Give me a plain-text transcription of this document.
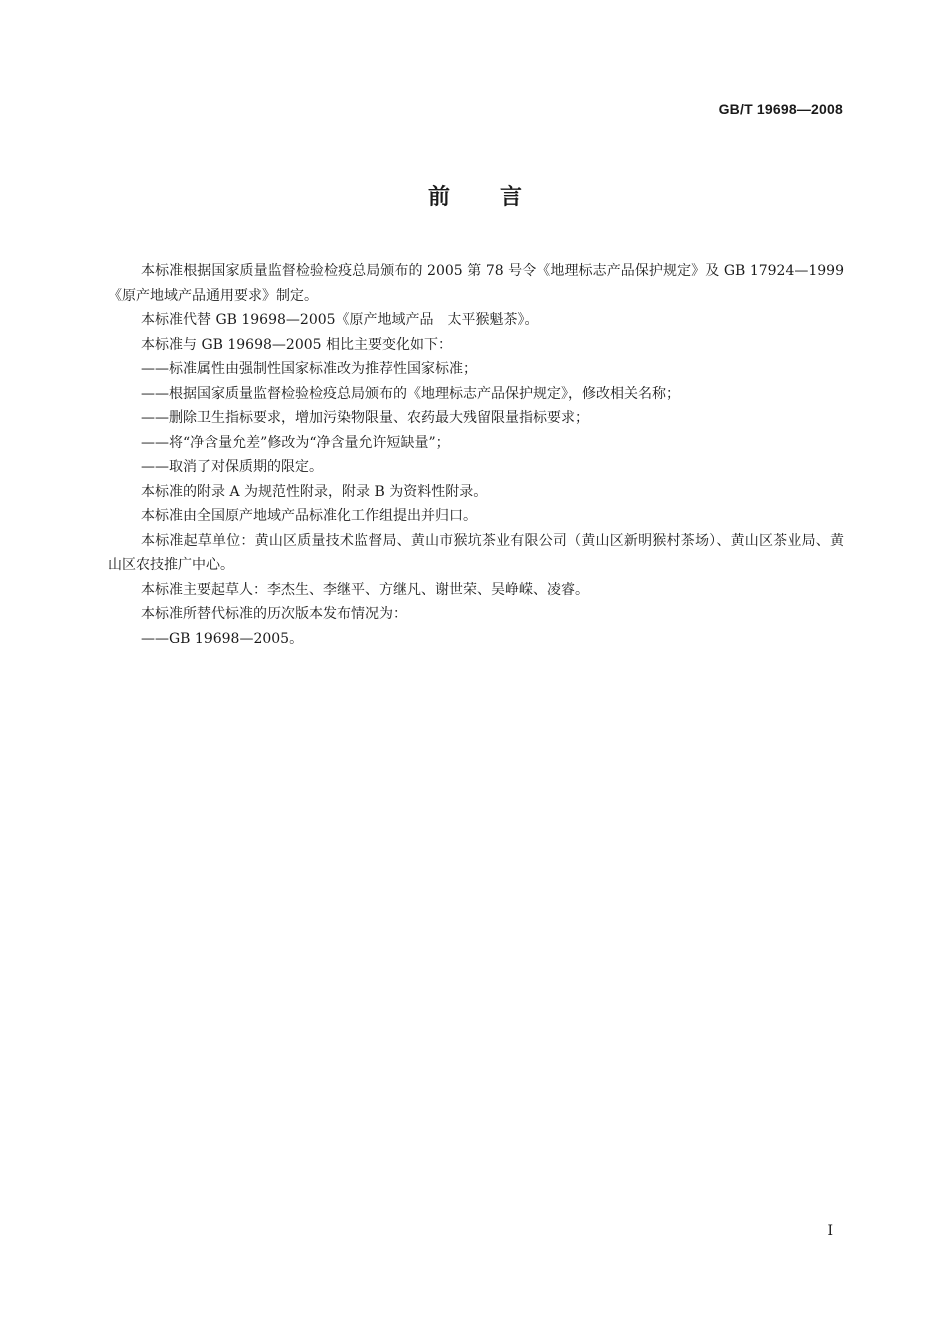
GB/T 19698—2008
前言

本标准根据国家质量监督检验检疫总局颁布的 2005 第 78 号令《地理标志产品保护规定》及 GB 17924—1999《原产地域产品通用要求》制定。

本标准代替 GB 19698—2005《原产地域产品　太平猴魁茶》。

本标准与 GB 19698—2005 相比主要变化如下：

——标准属性由强制性国家标准改为推荐性国家标准；

——根据国家质量监督检验检疫总局颁布的《地理标志产品保护规定》，修改相关名称；

——删除卫生指标要求，增加污染物限量、农药最大残留限量指标要求；

——将“净含量允差”修改为“净含量允许短缺量”；

——取消了对保质期的限定。

本标准的附录 A 为规范性附录，附录 B 为资料性附录。

本标准由全国原产地域产品标准化工作组提出并归口。

本标准起草单位：黄山区质量技术监督局、黄山市猴坑茶业有限公司（黄山区新明猴村茶场）、黄山区茶业局、黄山区农技推广中心。

本标准主要起草人：李杰生、李继平、方继凡、谢世荣、吴峥嵘、凌睿。

本标准所替代标准的历次版本发布情况为：

——GB 19698—2005。

I
